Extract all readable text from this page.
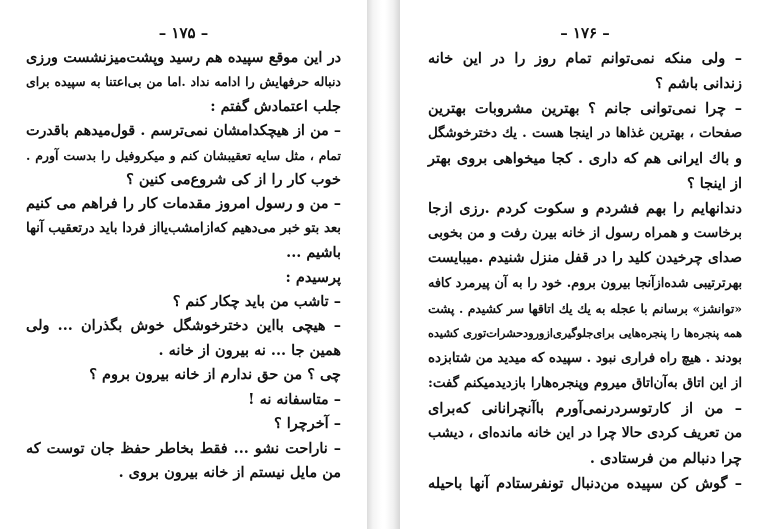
– ۱۷۵ –
در این موقع سپیده هم رسید وپشت‌میزنشست ورزی
دنباله حرفهایش را ادامه نداد .اما من بی‌اعتنا به سپیده برای
جلب اعتمادش گفتم :
– من از هیچکدامشان نمی‌ترسم . قول‌میدهم باقدرت
تمام ، مثل سایه تعقیبشان کنم و میکروفیل را بدست آورم .
خوب کار را از کی شروع‌می کنین ؟
– من و رسول امروز مقدمات کار را فراهم می کنیم
بعد بتو خبر می‌دهیم که‌ازامشب‌یااز فردا باید درتعقیب آنها
باشیم ...
پرسیدم :
– تاشب من باید چکار کنم ؟
– هیچی بااین دخترخوشگل خوش بگذران ... ولی
همین جا ... نه بیرون از خانه .
چی ؟ من حق ندارم از خانه بیرون بروم ؟
– متاسفانه نه !
– آخرچرا ؟
– ناراحت نشو ... فقط بخاطر حفظ جان توست که
من مایل نیستم از خانه بیرون بروی .
– ۱۷۶ –
– ولی منکه نمی‌توانم تمام روز را در این خانه
زندانی باشم ؟
– چرا نمی‌توانی جانم ؟ بهترین مشروبات بهترین
صفحات ، بهترین غذاها در اینجا هست . یك دخترخوشگل
و باك ایرانی هم که داری . کجا میخواهی بروی بهتر
از اینجا ؟
دندانهایم را بهم فشردم و سکوت کردم .رزی ازجا
برخاست و همراه رسول از خانه بیرن رفت و من بخوبی
صدای چرخیدن کلید را در قفل منزل شنیدم .میبایست
بهرترتیبی شده‌ازآنجا بیرون بروم. خود را به آن پیرمرد کافه
«توانشز» برسانم با عجله به یك یك اتاقها سر کشیدم . پشت
همه پنجره‌ها را پنجره‌هایی برای‌جلوگیری‌ازورودحشرات‌توری کشیده
بودند . هیچ راه فراری نبود . سپیده که میدید من شتابزده
از این اتاق به‌آن‌اتاق میروم وپنجره‌هارا بازدیدمیکنم گفت:
– من از کارتوسردرنمی‌آورم باآنچرا‌نانی که‌برای
من تعریف کردی حالا چرا در این خانه مانده‌ای ، دیشب
چرا دنبالم من فرستادی .
– گوش کن سپیده من‌دنبال تونفرستادم آنها باحیله
